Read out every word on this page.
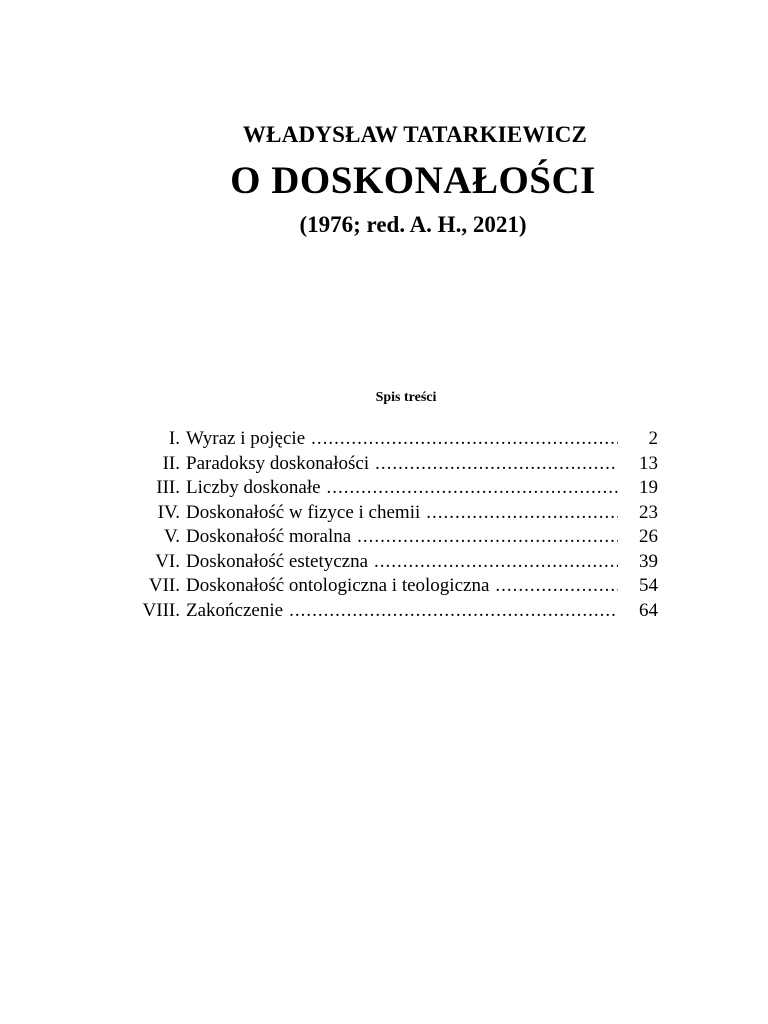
WŁADYSŁAW TATARKIEWICZ
O DOSKONAŁOŚCI
(1976; red. A. H., 2021)
Spis treści
I. Wyraz i pojęcie .....	2
II. Paradoksy doskonałości .....	13
III. Liczby doskonałe .....	19
IV. Doskonałość w fizyce i chemii .....	23
V. Doskonałość moralna .....	26
VI. Doskonałość estetyczna .....	39
VII. Doskonałość ontologiczna i teologiczna .....	54
VIII. Zakończenie .....	64
